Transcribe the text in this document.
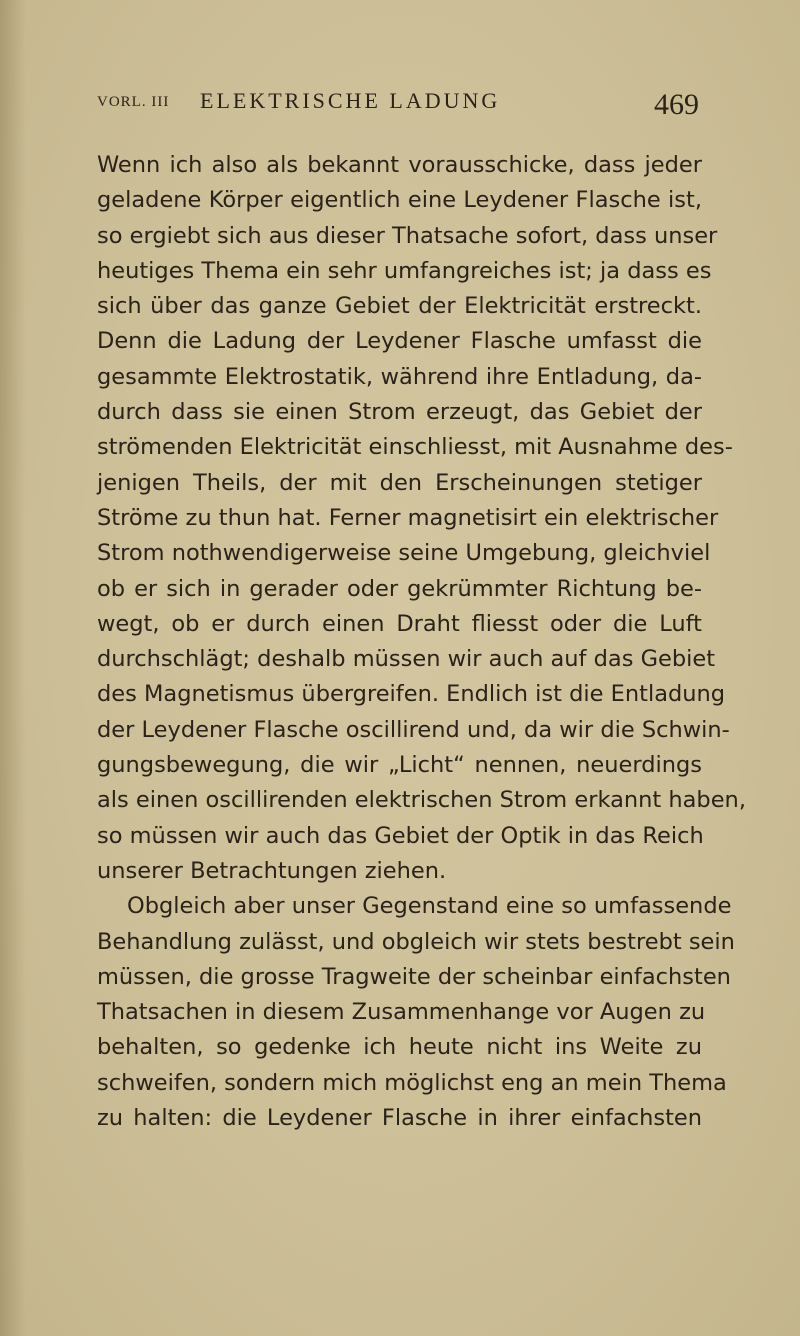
VORL. III ELEKTRISCHE LADUNG	469
Wenn ich also als bekannt vorausschicke, dass jeder
geladene Körper eigentlich eine Leydener Flasche ist,
so ergiebt sich aus dieser Thatsache sofort, dass unser
heutiges Thema ein sehr umfangreiches ist; ja dass es
sich über das ganze Gebiet der Elektricität erstreckt.
Denn die Ladung der Leydener Flasche umfasst die
gesammte Elektrostatik, während ihre Entladung, da-
durch dass sie einen Strom erzeugt, das Gebiet der
strömenden Elektricität einschliesst, mit Ausnahme des-
jenigen Theils, der mit den Erscheinungen stetiger
Ströme zu thun hat. Ferner magnetisirt ein elektrischer
Strom nothwendigerweise seine Umgebung, gleichviel
ob er sich in gerader oder gekrümmter Richtung be-
wegt, ob er durch einen Draht fliesst oder die Luft
durchschlägt; deshalb müssen wir auch auf das Gebiet
des Magnetismus übergreifen. Endlich ist die Entladung
der Leydener Flasche oscillirend und, da wir die Schwin-
gungsbewegung, die wir „Licht“ nennen, neuerdings
als einen oscillirenden elektrischen Strom erkannt haben,
so müssen wir auch das Gebiet der Optik in das Reich
unserer Betrachtungen ziehen.
Obgleich aber unser Gegenstand eine so umfassende
Behandlung zulässt, und obgleich wir stets bestrebt sein
müssen, die grosse Tragweite der scheinbar einfachsten
Thatsachen in diesem Zusammenhange vor Augen zu
behalten, so gedenke ich heute nicht ins Weite zu
schweifen, sondern mich möglichst eng an mein Thema
zu halten: die Leydener Flasche in ihrer einfachsten
